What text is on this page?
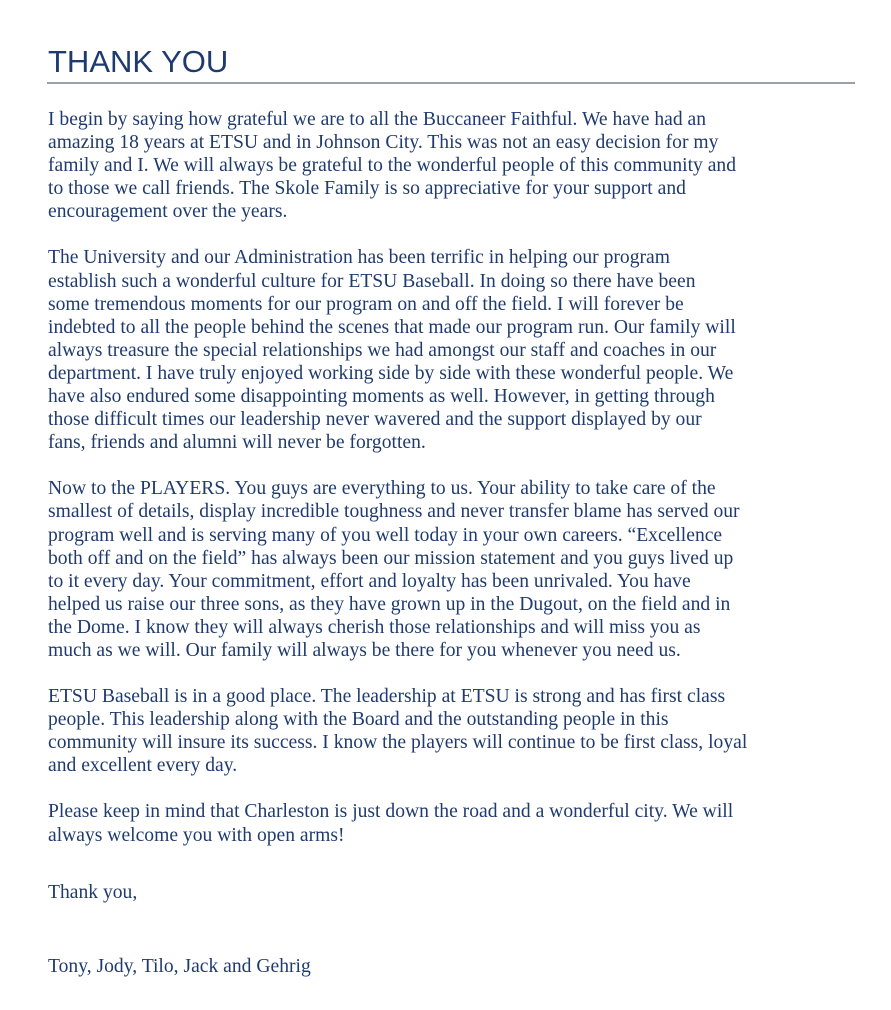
THANK YOU

I begin by saying how grateful we are to all the Buccaneer Faithful. We have had an
amazing 18 years at ETSU and in Johnson City. This was not an easy decision for my
family and I. We will always be grateful to the wonderful people of this community and
to those we call friends. The Skole Family is so appreciative for your support and
encouragement over the years.

The University and our Administration has been terrific in helping our program
establish such a wonderful culture for ETSU Baseball. In doing so there have been
some tremendous moments for our program on and off the field. I will forever be
indebted to all the people behind the scenes that made our program run. Our family will
always treasure the special relationships we had amongst our staff and coaches in our
department. I have truly enjoyed working side by side with these wonderful people. We
have also endured some disappointing moments as well. However, in getting through
those difficult times our leadership never wavered and the support displayed by our
fans, friends and alumni will never be forgotten.

Now to the PLAYERS. You guys are everything to us. Your ability to take care of the
smallest of details, display incredible toughness and never transfer blame has served our
program well and is serving many of you well today in your own careers. “Excellence
both off and on the field” has always been our mission statement and you guys lived up
to it every day. Your commitment, effort and loyalty has been unrivaled. You have
helped us raise our three sons, as they have grown up in the Dugout, on the field and in
the Dome. I know they will always cherish those relationships and will miss you as
much as we will. Our family will always be there for you whenever you need us.

ETSU Baseball is in a good place. The leadership at ETSU is strong and has first class
people. This leadership along with the Board and the outstanding people in this
community will insure its success. I know the players will continue to be first class, loyal
and excellent every day.

Please keep in mind that Charleston is just down the road and a wonderful city. We will
always welcome you with open arms!

Thank you,

Tony, Jody, Tilo, Jack and Gehrig
